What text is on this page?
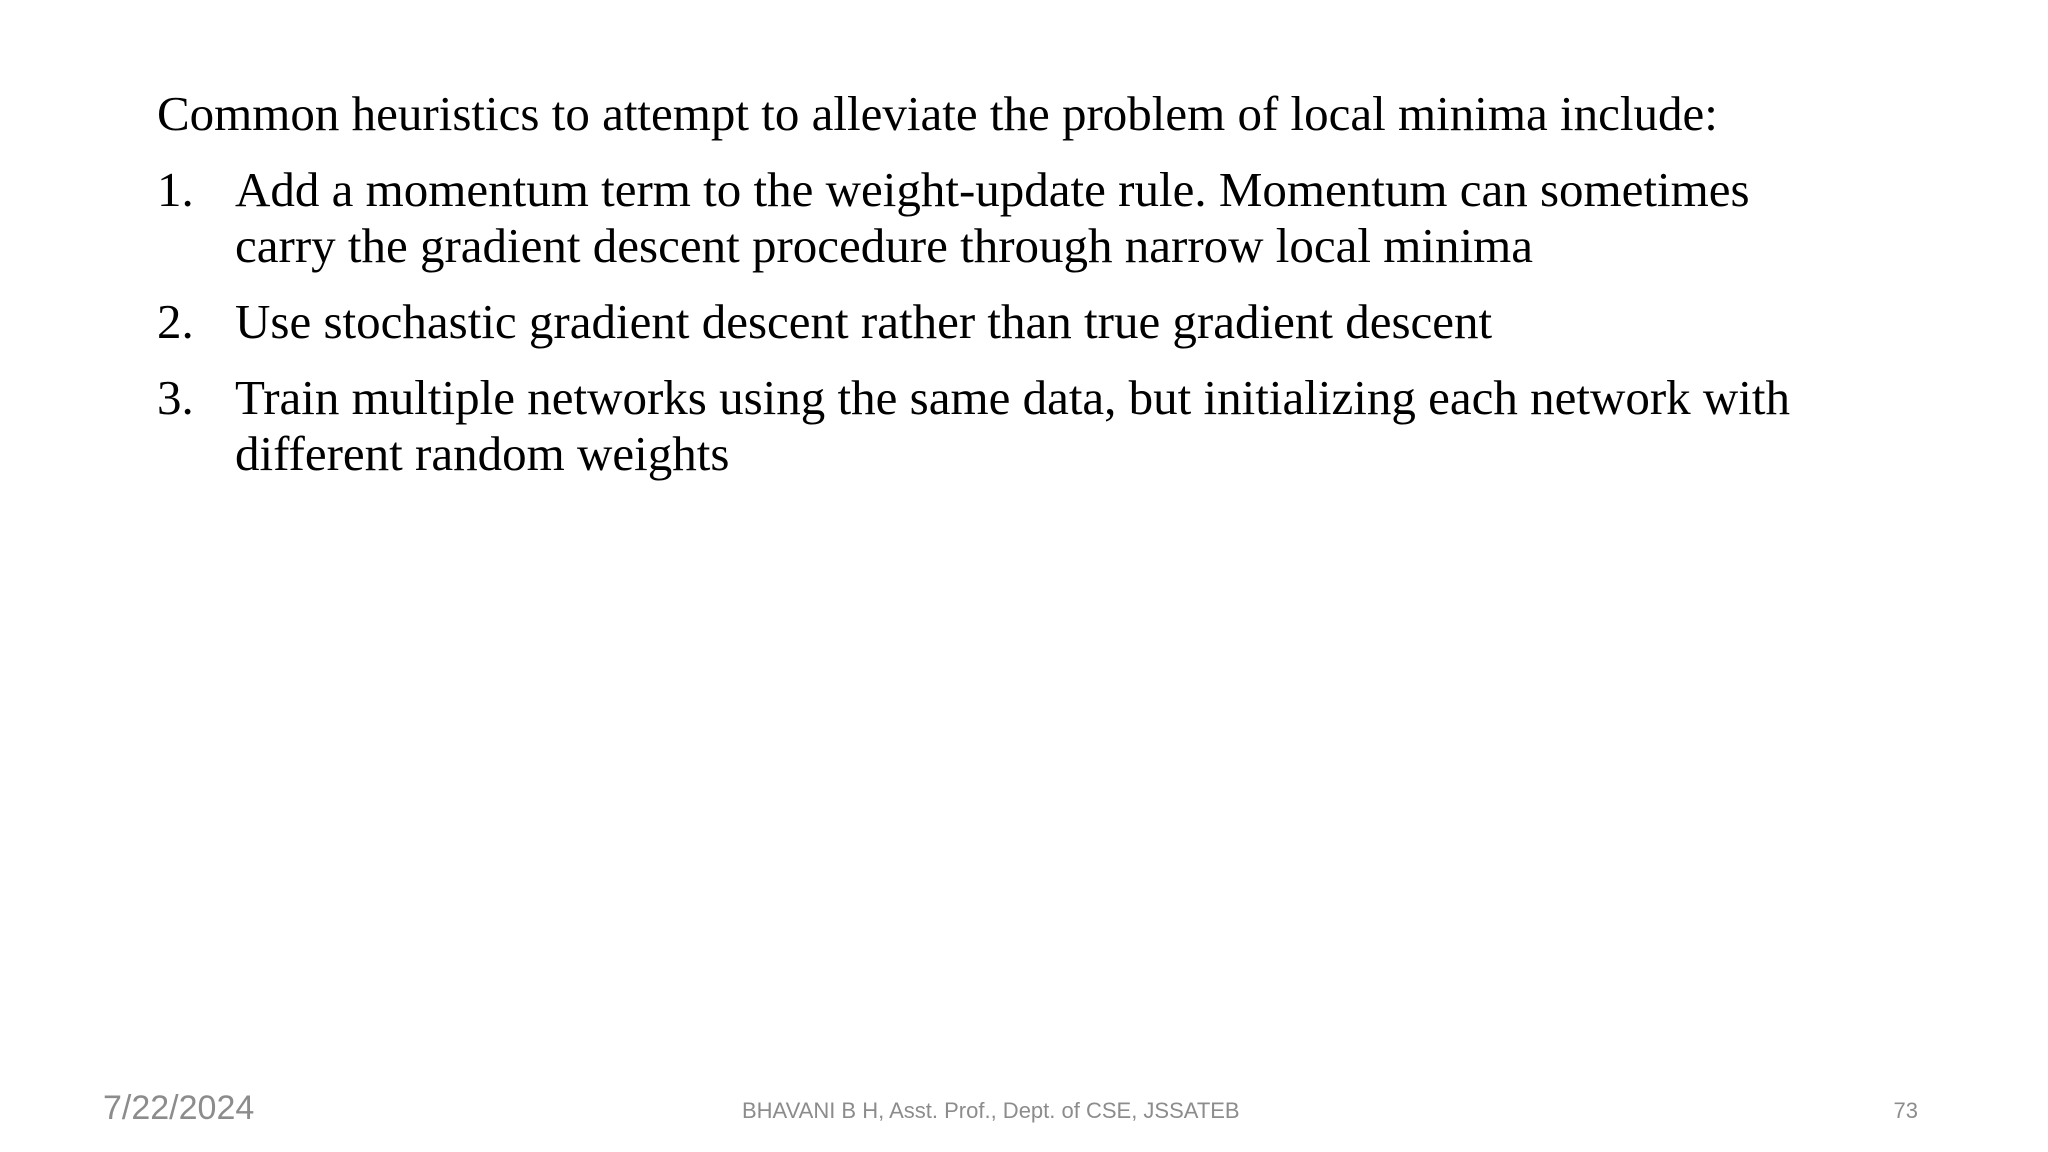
Common heuristics to attempt to alleviate the problem of local minima include:

1. Add a momentum term to the weight-update rule. Momentum can sometimes
carry the gradient descent procedure through narrow local minima
2. Use stochastic gradient descent rather than true gradient descent
3. Train multiple networks using the same data, but initializing each network with
different random weights
7/22/2024	BHAVANI B H, Asst. Prof., Dept. of CSE, JSSATEB	73
